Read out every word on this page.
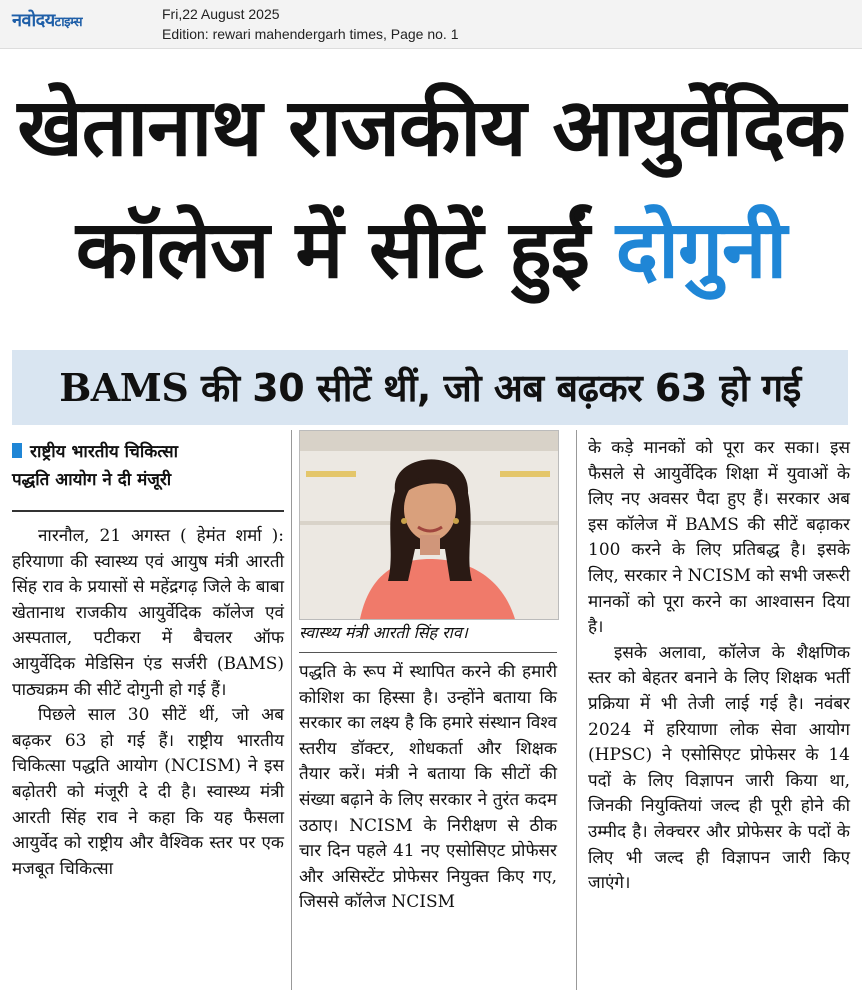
नवोदयटाइम्स
Fri,22 August 2025
Edition: rewari mahendergarh times, Page no. 1
खेतानाथ राजकीय आयुर्वेदिक
कॉलेज में सीटें हुईं दोगुनी
BAMS की 30 सीटें थीं, जो अब बढ़कर 63 हो गई
राष्ट्रीय भारतीय चिकित्सा
पद्धति आयोग ने दी मंजूरी

नारनौल, 21 अगस्त ( हेमंत शर्मा ): हरियाणा की स्वास्थ्य एवं आयुष मंत्री आरती सिंह राव के प्रयासों से महेंद्रगढ़ जिले के बाबा खेतानाथ राजकीय आयुर्वेदिक कॉलेज एवं अस्पताल, पटीकरा में बैचलर ऑफ आयुर्वेदिक मेडिसिन एंड सर्जरी (BAMS) पाठ्यक्रम की सीटें दोगुनी हो गई हैं।

पिछले साल 30 सीटें थीं, जो अब बढ़कर 63 हो गई हैं। राष्ट्रीय भारतीय चिकित्सा पद्धति आयोग (NCISM) ने इस बढ़ोतरी को मंजूरी दे दी है। स्वास्थ्य मंत्री आरती सिंह राव ने कहा कि यह फैसला आयुर्वेद को राष्ट्रीय और वैश्विक स्तर पर एक मजबूत चिकित्सा

स्वास्थ्य मंत्री आरती सिंह राव।

पद्धति के रूप में स्थापित करने की हमारी कोशिश का हिस्सा है। उन्होंने बताया कि सरकार का लक्ष्य है कि हमारे संस्थान विश्व स्तरीय डॉक्टर, शोधकर्ता और शिक्षक तैयार करें। मंत्री ने बताया कि सीटों की संख्या बढ़ाने के लिए सरकार ने तुरंत कदम उठाए। NCISM के निरीक्षण से ठीक चार दिन पहले 41 नए एसोसिएट प्रोफेसर और असिस्टेंट प्रोफेसर नियुक्त किए गए, जिससे कॉलेज NCISM

के कड़े मानकों को पूरा कर सका। इस फैसले से आयुर्वेदिक शिक्षा में युवाओं के लिए नए अवसर पैदा हुए हैं। सरकार अब इस कॉलेज में BAMS की सीटें बढ़ाकर 100 करने के लिए प्रतिबद्ध है। इसके लिए, सरकार ने NCISM को सभी जरूरी मानकों को पूरा करने का आश्वासन दिया है।

इसके अलावा, कॉलेज के शैक्षणिक स्तर को बेहतर बनाने के लिए शिक्षक भर्ती प्रक्रिया में भी तेजी लाई गई है। नवंबर 2024 में हरियाणा लोक सेवा आयोग (HPSC) ने एसोसिएट प्रोफेसर के 14 पदों के लिए विज्ञापन जारी किया था, जिनकी नियुक्तियां जल्द ही पूरी होने की उम्मीद है। लेक्चरर और प्रोफेसर के पदों के लिए भी जल्द ही विज्ञापन जारी किए जाएंगे।
